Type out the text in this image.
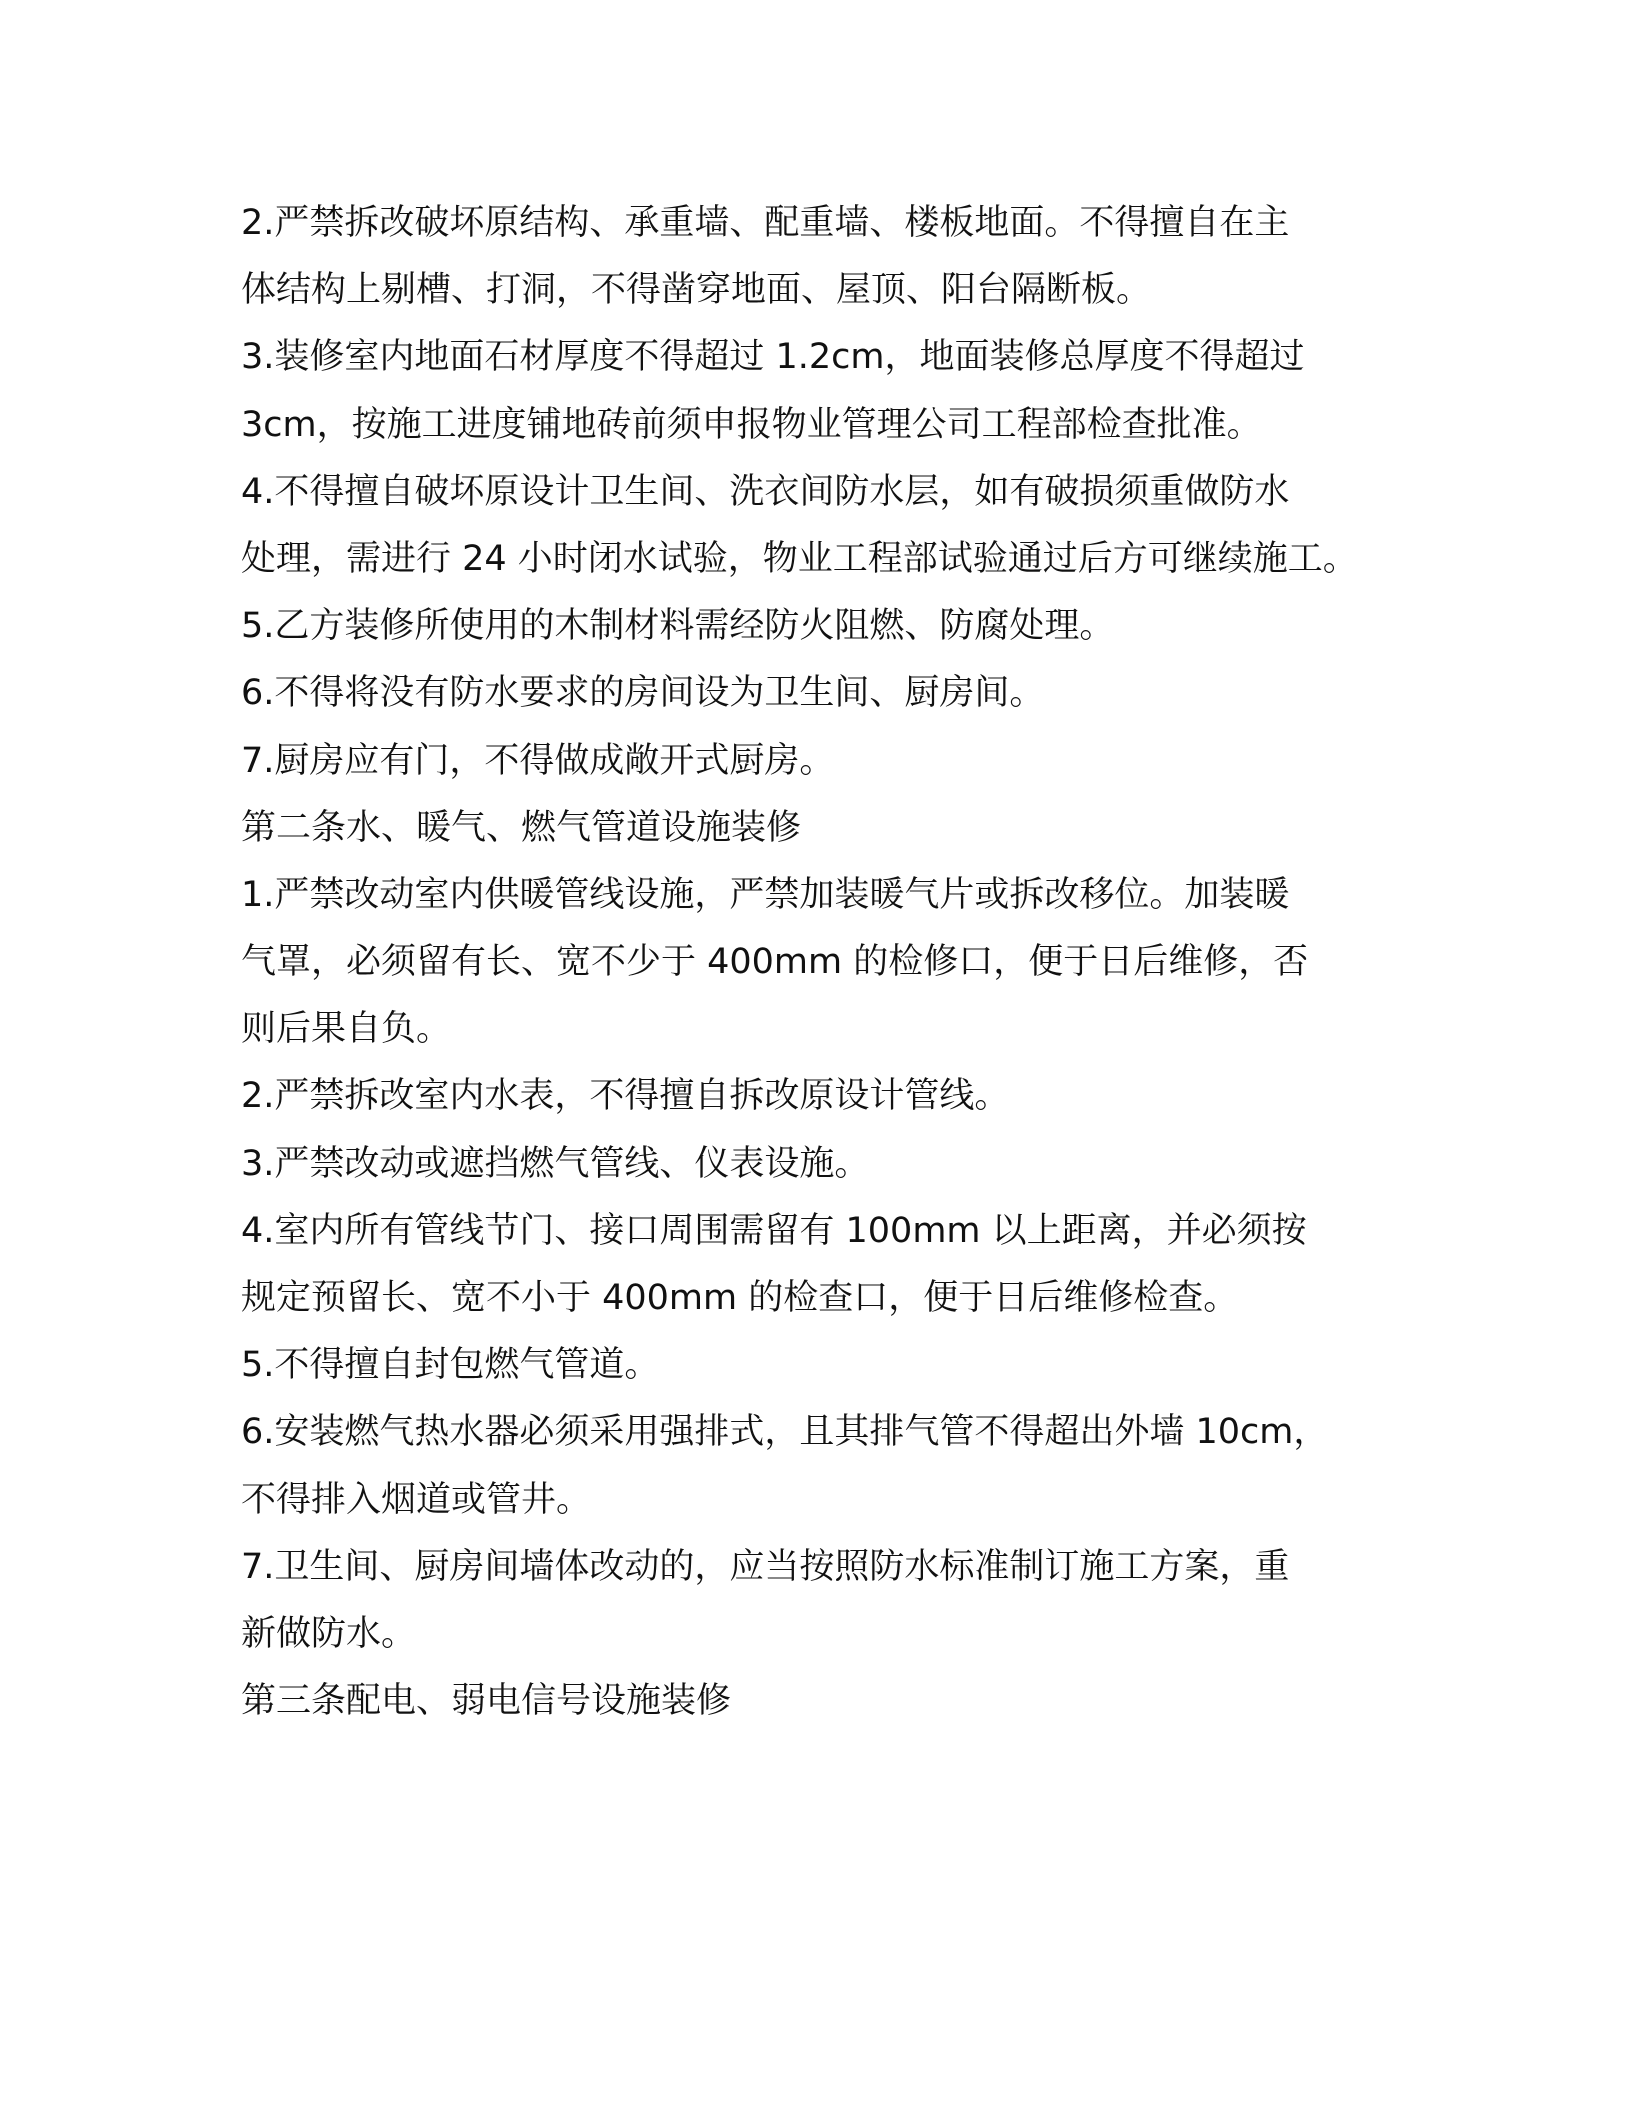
2.严禁拆改破坏原结构、承重墙、配重墙、楼板地面。不得擅自在主
体结构上剔槽、打洞，不得凿穿地面、屋顶、阳台隔断板。
3.装修室内地面石材厚度不得超过 1.2cm，地面装修总厚度不得超过
3cm，按施工进度铺地砖前须申报物业管理公司工程部检查批准。
4.不得擅自破坏原设计卫生间、洗衣间防水层，如有破损须重做防水
处理，需进行 24 小时闭水试验，物业工程部试验通过后方可继续施工。
5.乙方装修所使用的木制材料需经防火阻燃、防腐处理。
6.不得将没有防水要求的房间设为卫生间、厨房间。
7.厨房应有门，不得做成敞开式厨房。
第二条水、暖气、燃气管道设施装修
1.严禁改动室内供暖管线设施，严禁加装暖气片或拆改移位。加装暖
气罩，必须留有长、宽不少于 400mm 的检修口，便于日后维修，否
则后果自负。
2.严禁拆改室内水表，不得擅自拆改原设计管线。
3.严禁改动或遮挡燃气管线、仪表设施。
4.室内所有管线节门、接口周围需留有 100mm 以上距离，并必须按
规定预留长、宽不小于 400mm 的检查口，便于日后维修检查。
5.不得擅自封包燃气管道。
6.安装燃气热水器必须采用强排式，且其排气管不得超出外墙 10cm，
不得排入烟道或管井。
7.卫生间、厨房间墙体改动的，应当按照防水标准制订施工方案，重
新做防水。
第三条配电、弱电信号设施装修
